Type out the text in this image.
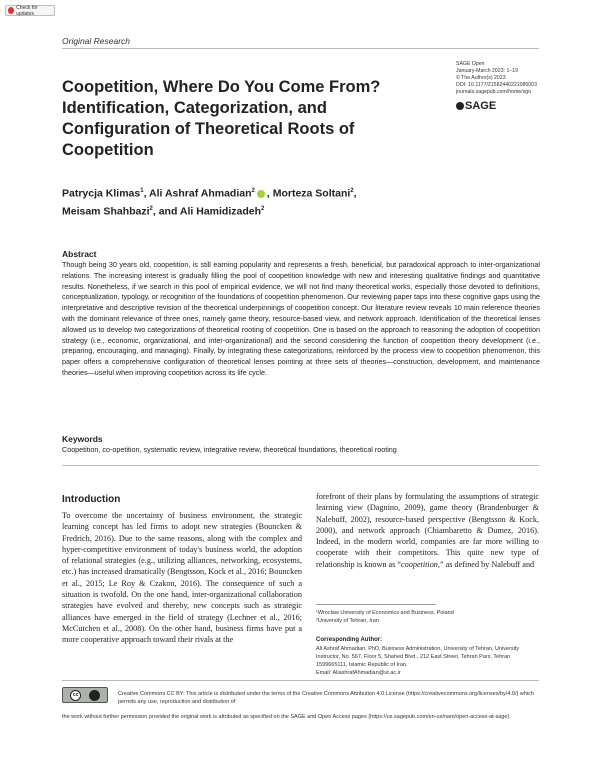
Check for updates
Original Research
SAGE Open
January-March 2023: 1–19
© The Author(s) 2023
DOI: 10.1177/21582440221085003
journals.sagepub.com/home/sgo
SAGE
Coopetition, Where Do You Come From? Identification, Categorization, and Configuration of Theoretical Roots of Coopetition
Patrycja Klimas$^1$, Ali Ashraf Ahmadian$^2$ , Morteza Soltani$^2$,
Meisam Shahbazi$^2$, and Ali Hamidizadeh$^2$
Abstract

Though being 30 years old, coopetition, is still earning popularity and represents a fresh, beneficial, but paradoxical approach to inter-organizational relations. The increasing interest is gradually filling the pool of coopetition knowledge with new and interesting qualitative findings and quantitative results. Nonetheless, if we search in this pool of empirical evidence, we will not find many theoretical works, especially those devoted to definitions, conceptualization, typology, or recognition of the foundations of coopetition phenomenon. Our reviewing paper taps into these cognitive gaps using the interpretative and descriptive revision of the theoretical underpinnings of coopetition concept. Our literature review reveals 10 main reference theories with the dominant relevance of three ones, namely game theory, resource-based view, and network approach. Identification of the theoretical lenses allowed us to develop two categorizations of theoretical rooting of coopetition. One is based on the approach to reasoning the adoption of coopetition strategy (i.e., economic, organizational, and inter-organizational) and the second considering the function of coopetition theory development (i.e., preparing, encouraging, and managing). Finally, by integrating these categorizations, reinforced by the process view to coopetition phenomenon, this paper offers a comprehensive configuration of theoretical lenses pointing at three sets of theories—construction, development, and maintenance theories—useful when improving coopetition across its life cycle.

Keywords
Coopetition, co-opetition, systematic review, integrative review, theoretical foundations, theoretical rooting
Introduction

To overcome the uncertainty of business environment, the strategic learning concept has led firms to adopt new strategies (Bouncken & Fredrich, 2016). Due to the same reasons, along with the complex and hyper-competitive environment of today's business world, the adoption of relational strategies (e.g., utilizing alliances, networking, ecosystems, etc.) has increased dramatically (Bengtsson, Kock et al., 2016; Bouncken et al., 2015; Le Roy & Czakon, 2016). The consequence of such a situation is twofold. On the one hand, inter-organizational collaboration strategies have evolved and thereby, new concepts such as strategic alliances have emerged in the field of strategy (Lechner et al., 2016; McCutchen et al., 2008). On the other hand, business firms have put a more cooperative approach toward their rivals at the

forefront of their plans by formulating the assumptions of strategic learning view (Dagnino, 2009), game theory (Brandenburger & Nalebuff, 2002), resource-based perspective (Bengtsson & Kock, 2000), and network approach (Chiambaretto & Dumez, 2016). Indeed, in the modern world, companies are far more willing to cooperate with their competitors. This quite new type of relationship is known as “coopetition,” as defined by Nalebuff and

¹Wroclaw University of Economics and Business, Poland
²University of Tehran, Iran
Corresponding Author:
Ali Ashraf Ahmadian, PhD, Business Administration, University of Tehran, University Instructor, No. 567, Floor 5, Shahed Blvd., 212 East Street, Tehran Pars, Tehran 1599665111, Islamic Republic of Iran.
Email: AliashrafAhmadian@ut.ac.ir
cc	Creative Commons CC BY: This article is distributed under the terms of the Creative Commons Attribution 4.0 License (https://creativecommons.org/licenses/by/4.0/) which permits any use, reproduction and distribution of
the work without further permission provided the original work is attributed as specified on the SAGE and Open Access pages (https://us.sagepub.com/en-us/nam/open-access-at-sage).
